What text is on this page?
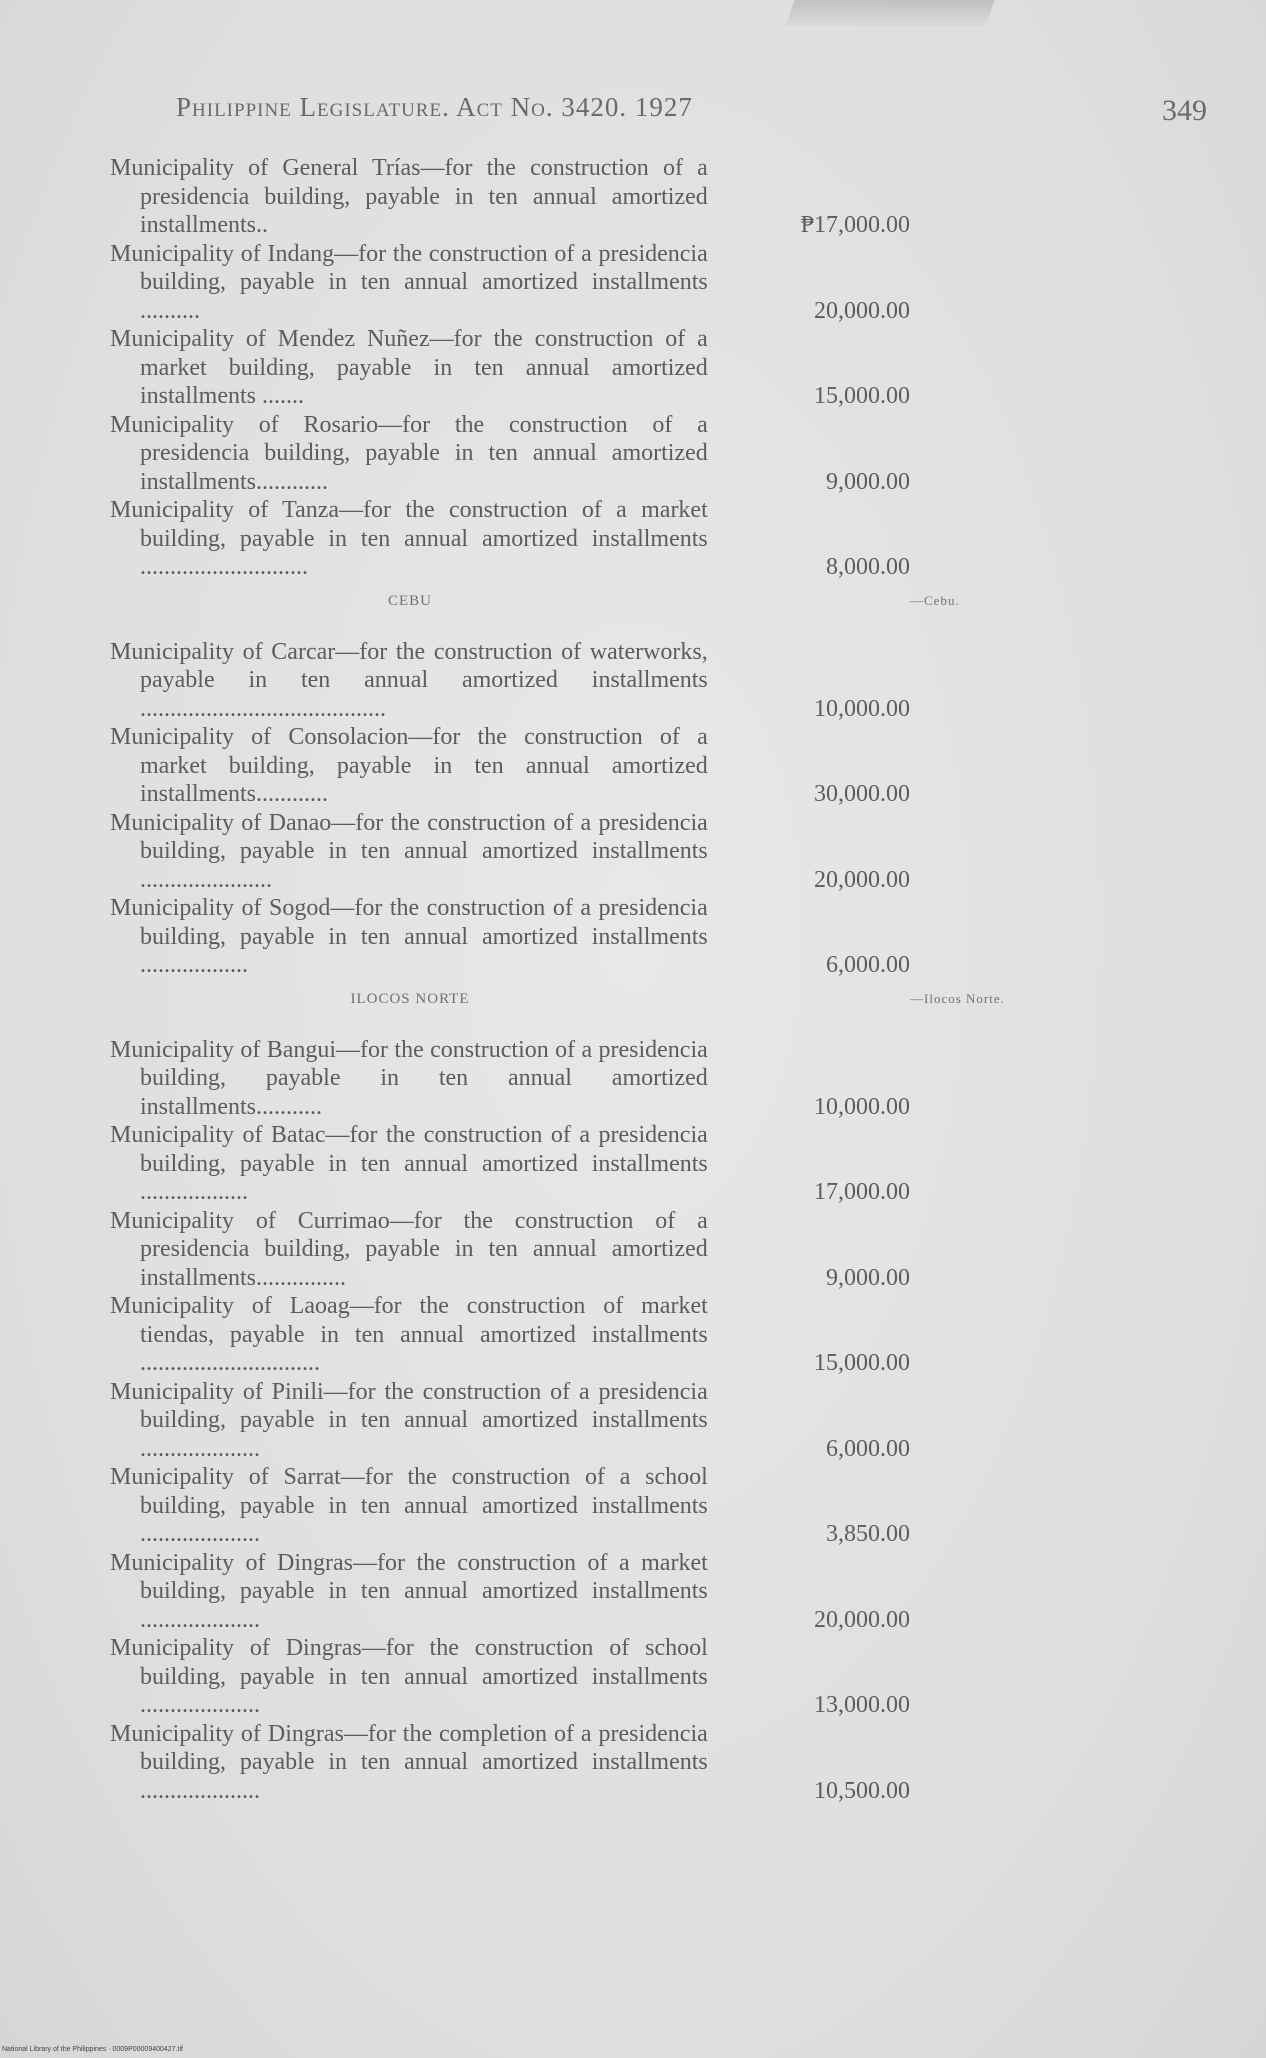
Philippine Legislature. Act No. 3420. 1927	349
Municipality of General Trías—for the construction of a presidencia building, payable in ten annual amortized installments..	₱17,000.00
Municipality of Indang—for the construction of a presidencia building, payable in ten annual amortized installments ..........	20,000.00
Municipality of Mendez Nuñez—for the construction of a market building, payable in ten annual amortized installments .......	15,000.00
Municipality of Rosario—for the construction of a presidencia building, payable in ten annual amortized installments............	9,000.00
Municipality of Tanza—for the construction of a market building, payable in ten annual amortized installments ............................	8,000.00
CEBU	—Cebu.
Municipality of Carcar—for the construction of waterworks, payable in ten annual amortized installments .........................................	10,000.00
Municipality of Consolacion—for the construction of a market building, payable in ten annual amortized installments............	30,000.00
Municipality of Danao—for the construction of a presidencia building, payable in ten annual amortized installments ......................	20,000.00
Municipality of Sogod—for the construction of a presidencia building, payable in ten annual amortized installments ..................	6,000.00
ILOCOS NORTE	—Ilocos Norte.
Municipality of Bangui—for the construction of a presidencia building, payable in ten annual amortized installments...........	10,000.00
Municipality of Batac—for the construction of a presidencia building, payable in ten annual amortized installments ..................	17,000.00
Municipality of Currimao—for the construction of a presidencia building, payable in ten annual amortized installments...............	9,000.00
Municipality of Laoag—for the construction of market tiendas, payable in ten annual amortized installments ..............................	15,000.00
Municipality of Pinili—for the construction of a presidencia building, payable in ten annual amortized installments ....................	6,000.00
Municipality of Sarrat—for the construction of a school building, payable in ten annual amortized installments ....................	3,850.00
Municipality of Dingras—for the construction of a market building, payable in ten annual amortized installments ....................	20,000.00
Municipality of Dingras—for the construction of school building, payable in ten annual amortized installments ....................	13,000.00
Municipality of Dingras—for the completion of a presidencia building, payable in ten annual amortized installments ....................	10,500.00
National Library of the Philippines · 0009P00009400427.tif
